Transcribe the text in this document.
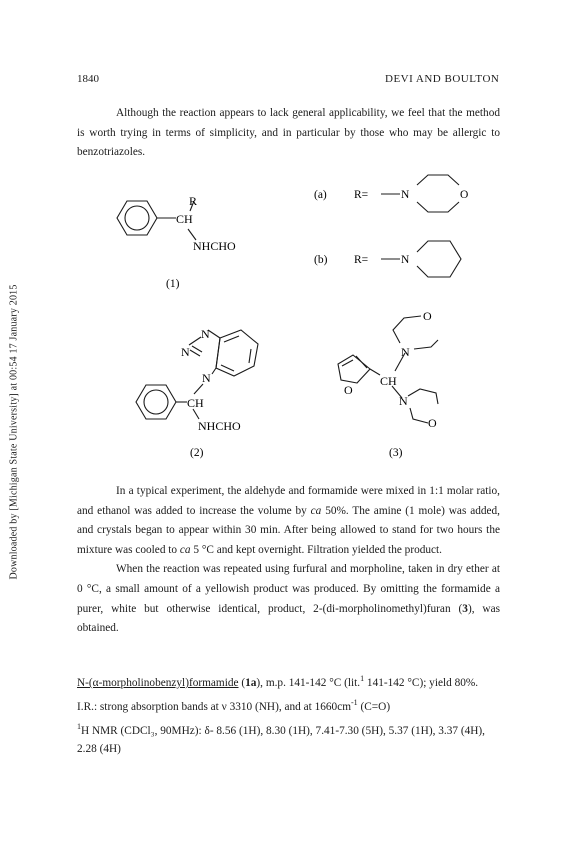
Downloaded by [Michigan State University] at 00:54 17 January 2015
1840	DEVI AND BOULTON

Although the reaction appears to lack general applicability, we feel that the method is worth trying in terms of simplicity, and in particular by those who may be allergic to benzotriazoles.

R
CH
NHCHO
(1)
(a) R=	N	O
(b) R=	N
N
N
N
CH
NHCHO
(2)
O
N
CH
O
N
O
(3)

In a typical experiment, the aldehyde and formamide were mixed in 1:1 molar ratio, and ethanol was added to increase the volume by ca 50%. The amine (1 mole) was added, and crystals began to appear within 30 min. After being allowed to stand for two hours the mixture was cooled to ca 5 °C and kept overnight. Filtration yielded the product.

When the reaction was repeated using furfural and morpholine, taken in dry ether at 0 °C, a small amount of a yellowish product was produced. By omitting the formamide a purer, white but otherwise identical, product, 2-(di-morpholinomethyl)furan (3), was obtained.

N-(α-morpholinobenzyl)formamide (1a), m.p. 141-142 °C (lit.$^1$ 141-142 °C); yield 80%.

I.R.: strong absorption bands at ν 3310 (NH), and at $1660cm^{-1}$ (C=O)

$^1$H NMR (CDCl₃, 90MHz): δ- 8.56 (1H), 8.30 (1H), 7.41-7.30 (5H), 5.37 (1H), 3.37 (4H), 2.28 (4H)
